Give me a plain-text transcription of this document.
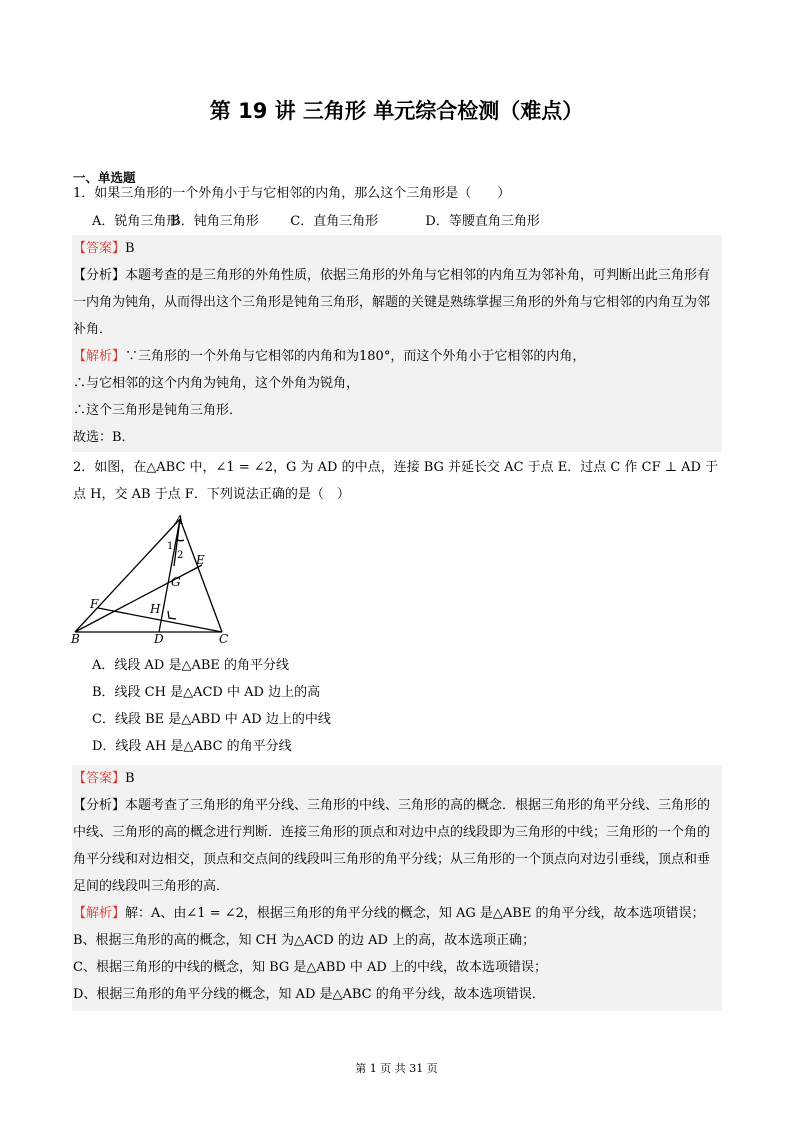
第 19 讲 三角形 单元综合检测（难点）
一、单选题
1．如果三角形的一个外角小于与它相邻的内角，那么这个三角形是（　　）
A．锐角三角形 B．钝角三角形 C．直角三角形	D．等腰直角三角形
【答案】B
【分析】本题考查的是三角形的外角性质，依据三角形的外角与它相邻的内角互为邻补角，可判断出此三角形有一内角为钝角，从而得出这个三角形是钝角三角形，解题的关键是熟练掌握三角形的外角与它相邻的内角互为邻补角．
【解析】∵三角形的一个外角与它相邻的内角和为180°，而这个外角小于它相邻的内角，
∴与它相邻的这个内角为钝角，这个外角为锐角，
∴这个三角形是钝角三角形．
故选：B．
2．如图，在△ABC 中，∠1 = ∠2，G 为 AD 的中点，连接 BG 并延长交 AC 于点 E．过点 C 作 CF ⊥ AD 于点 H，交 AB 于点 F．下列说法正确的是（　）
A
1
2 E
G
F	H
B	D	C
A．线段 AD 是△ABE 的角平分线
B．线段 CH 是△ACD 中 AD 边上的高
C．线段 BE 是△ABD 中 AD 边上的中线
D．线段 AH 是△ABC 的角平分线
【答案】B
【分析】本题考查了三角形的角平分线、三角形的中线、三角形的高的概念．根据三角形的角平分线、三角形的中线、三角形的高的概念进行判断．连接三角形的顶点和对边中点的线段即为三角形的中线；三角形的一个角的角平分线和对边相交，顶点和交点间的线段叫三角形的角平分线；从三角形的一个顶点向对边引垂线，顶点和垂足间的线段叫三角形的高．
【解析】解：A、由∠1 = ∠2，根据三角形的角平分线的概念，知 AG 是△ABE 的角平分线，故本选项错误；
B、根据三角形的高的概念，知 CH 为△ACD 的边 AD 上的高，故本选项正确；
C、根据三角形的中线的概念，知 BG 是△ABD 中 AD 上的中线，故本选项错误；
D、根据三角形的角平分线的概念，知 AD 是△ABC 的角平分线，故本选项错误．
第 1 页 共 31 页
